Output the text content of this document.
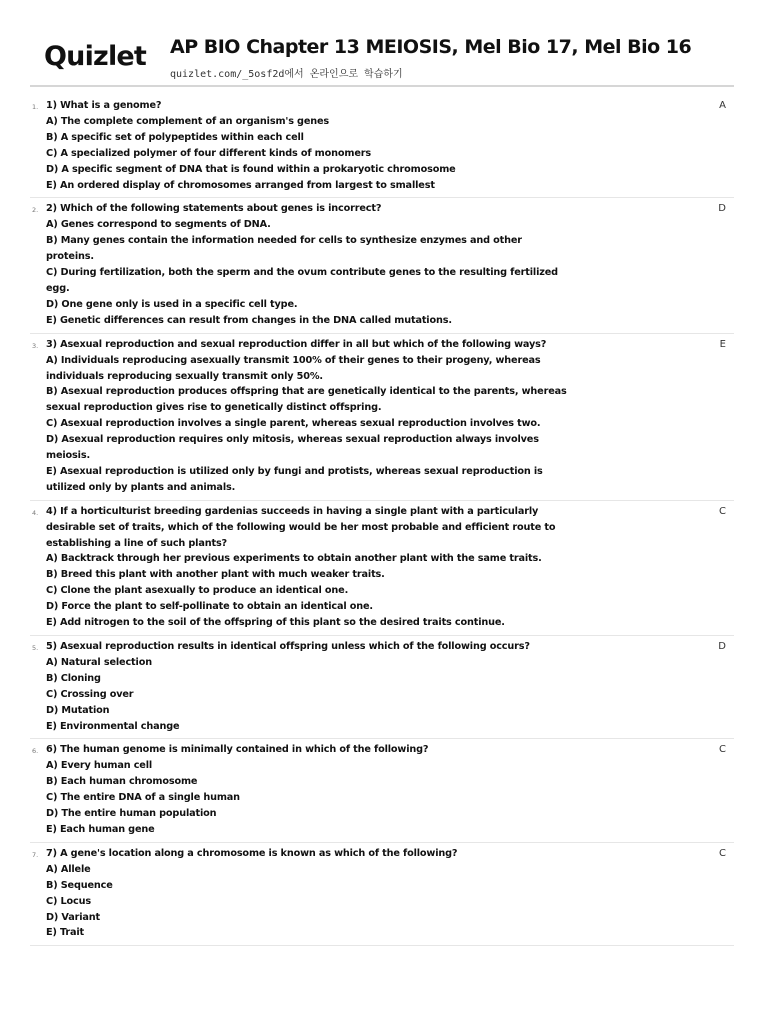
Quizlet AP BIO Chapter 13 MEIOSIS, Mel Bio 17, Mel Bio 16
quizlet.com/_5osf2d에서 온라인으로 학습하기
1. 1) What is a genome?
A) The complete complement of an organism's genes
B) A specific set of polypeptides within each cell
C) A specialized polymer of four different kinds of monomers
D) A specific segment of DNA that is found within a prokaryotic chromosome
E) An ordered display of chromosomes arranged from largest to smallest
A
2. 2) Which of the following statements about genes is incorrect?
A) Genes correspond to segments of DNA.
B) Many genes contain the information needed for cells to synthesize enzymes and other
proteins.
C) During fertilization, both the sperm and the ovum contribute genes to the resulting fertilized
egg.
D) One gene only is used in a specific cell type.
E) Genetic differences can result from changes in the DNA called mutations.
D
3. 3) Asexual reproduction and sexual reproduction differ in all but which of the following ways?
A) Individuals reproducing asexually transmit 100% of their genes to their progeny, whereas
individuals reproducing sexually transmit only 50%.
B) Asexual reproduction produces offspring that are genetically identical to the parents, whereas
sexual reproduction gives rise to genetically distinct offspring.
C) Asexual reproduction involves a single parent, whereas sexual reproduction involves two.
D) Asexual reproduction requires only mitosis, whereas sexual reproduction always involves
meiosis.
E) Asexual reproduction is utilized only by fungi and protists, whereas sexual reproduction is
utilized only by plants and animals.
E
4. 4) If a horticulturist breeding gardenias succeeds in having a single plant with a particularly
desirable set of traits, which of the following would be her most probable and efficient route to
establishing a line of such plants?
A) Backtrack through her previous experiments to obtain another plant with the same traits.
B) Breed this plant with another plant with much weaker traits.
C) Clone the plant asexually to produce an identical one.
D) Force the plant to self-pollinate to obtain an identical one.
E) Add nitrogen to the soil of the offspring of this plant so the desired traits continue.
C
5. 5) Asexual reproduction results in identical offspring unless which of the following occurs?
A) Natural selection
B) Cloning
C) Crossing over
D) Mutation
E) Environmental change
D
6. 6) The human genome is minimally contained in which of the following?
A) Every human cell
B) Each human chromosome
C) The entire DNA of a single human
D) The entire human population
E) Each human gene
C
7. 7) A gene's location along a chromosome is known as which of the following?
A) Allele
B) Sequence
C) Locus
D) Variant
E) Trait
C
